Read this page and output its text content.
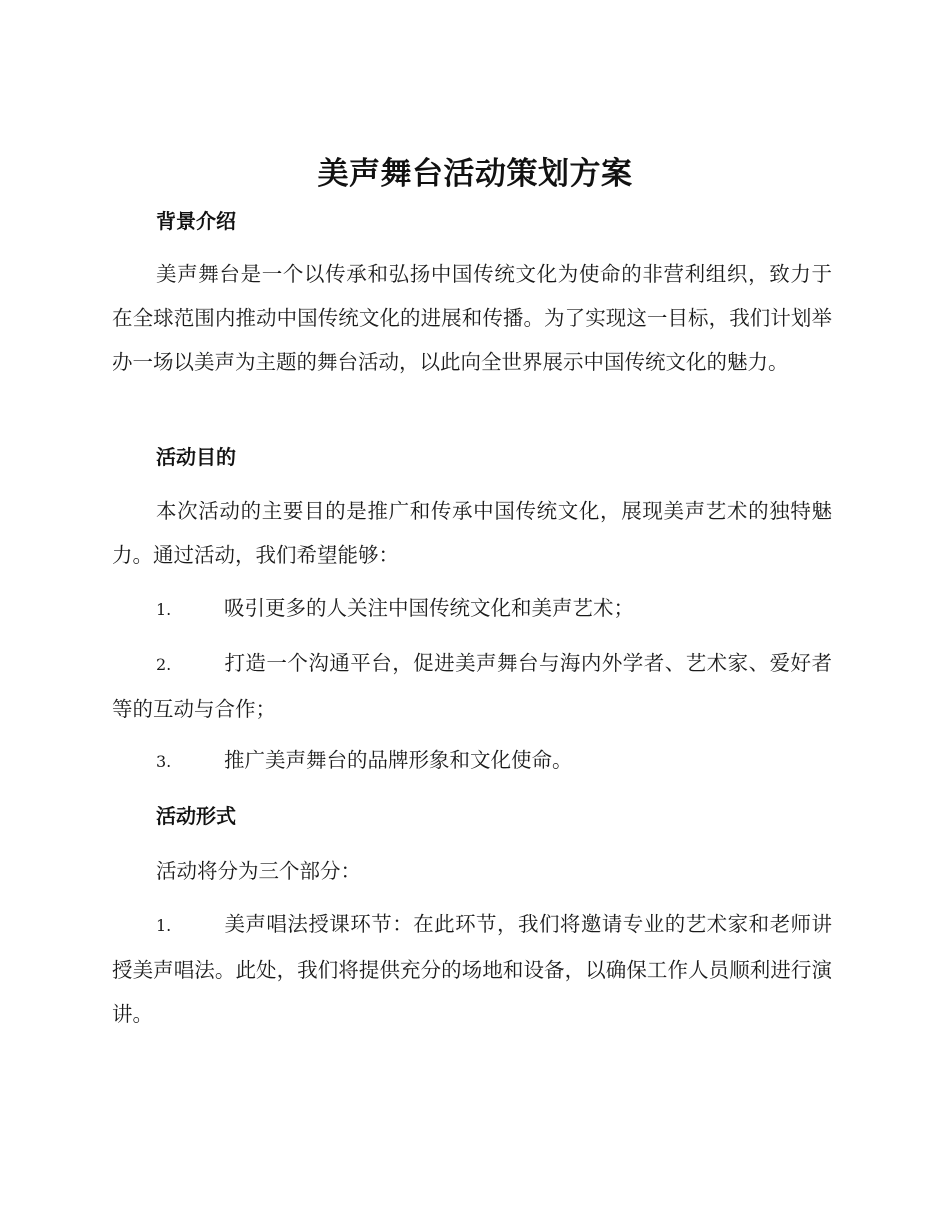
美声舞台活动策划方案
背景介绍
美声舞台是一个以传承和弘扬中国传统文化为使命的非营利组织，致力于在全球范围内推动中国传统文化的进展和传播。为了实现这一目标，我们计划举办一场以美声为主题的舞台活动，以此向全世界展示中国传统文化的魅力。
活动目的
本次活动的主要目的是推广和传承中国传统文化，展现美声艺术的独特魅力。通过活动，我们希望能够：
1.	吸引更多的人关注中国传统文化和美声艺术；
2.	打造一个沟通平台，促进美声舞台与海内外学者、艺术家、爱好者等的互动与合作；
3.	推广美声舞台的品牌形象和文化使命。
活动形式
活动将分为三个部分：
1.	美声唱法授课环节：在此环节，我们将邀请专业的艺术家和老师讲授美声唱法。此处，我们将提供充分的场地和设备，以确保工作人员顺利进行演讲。
